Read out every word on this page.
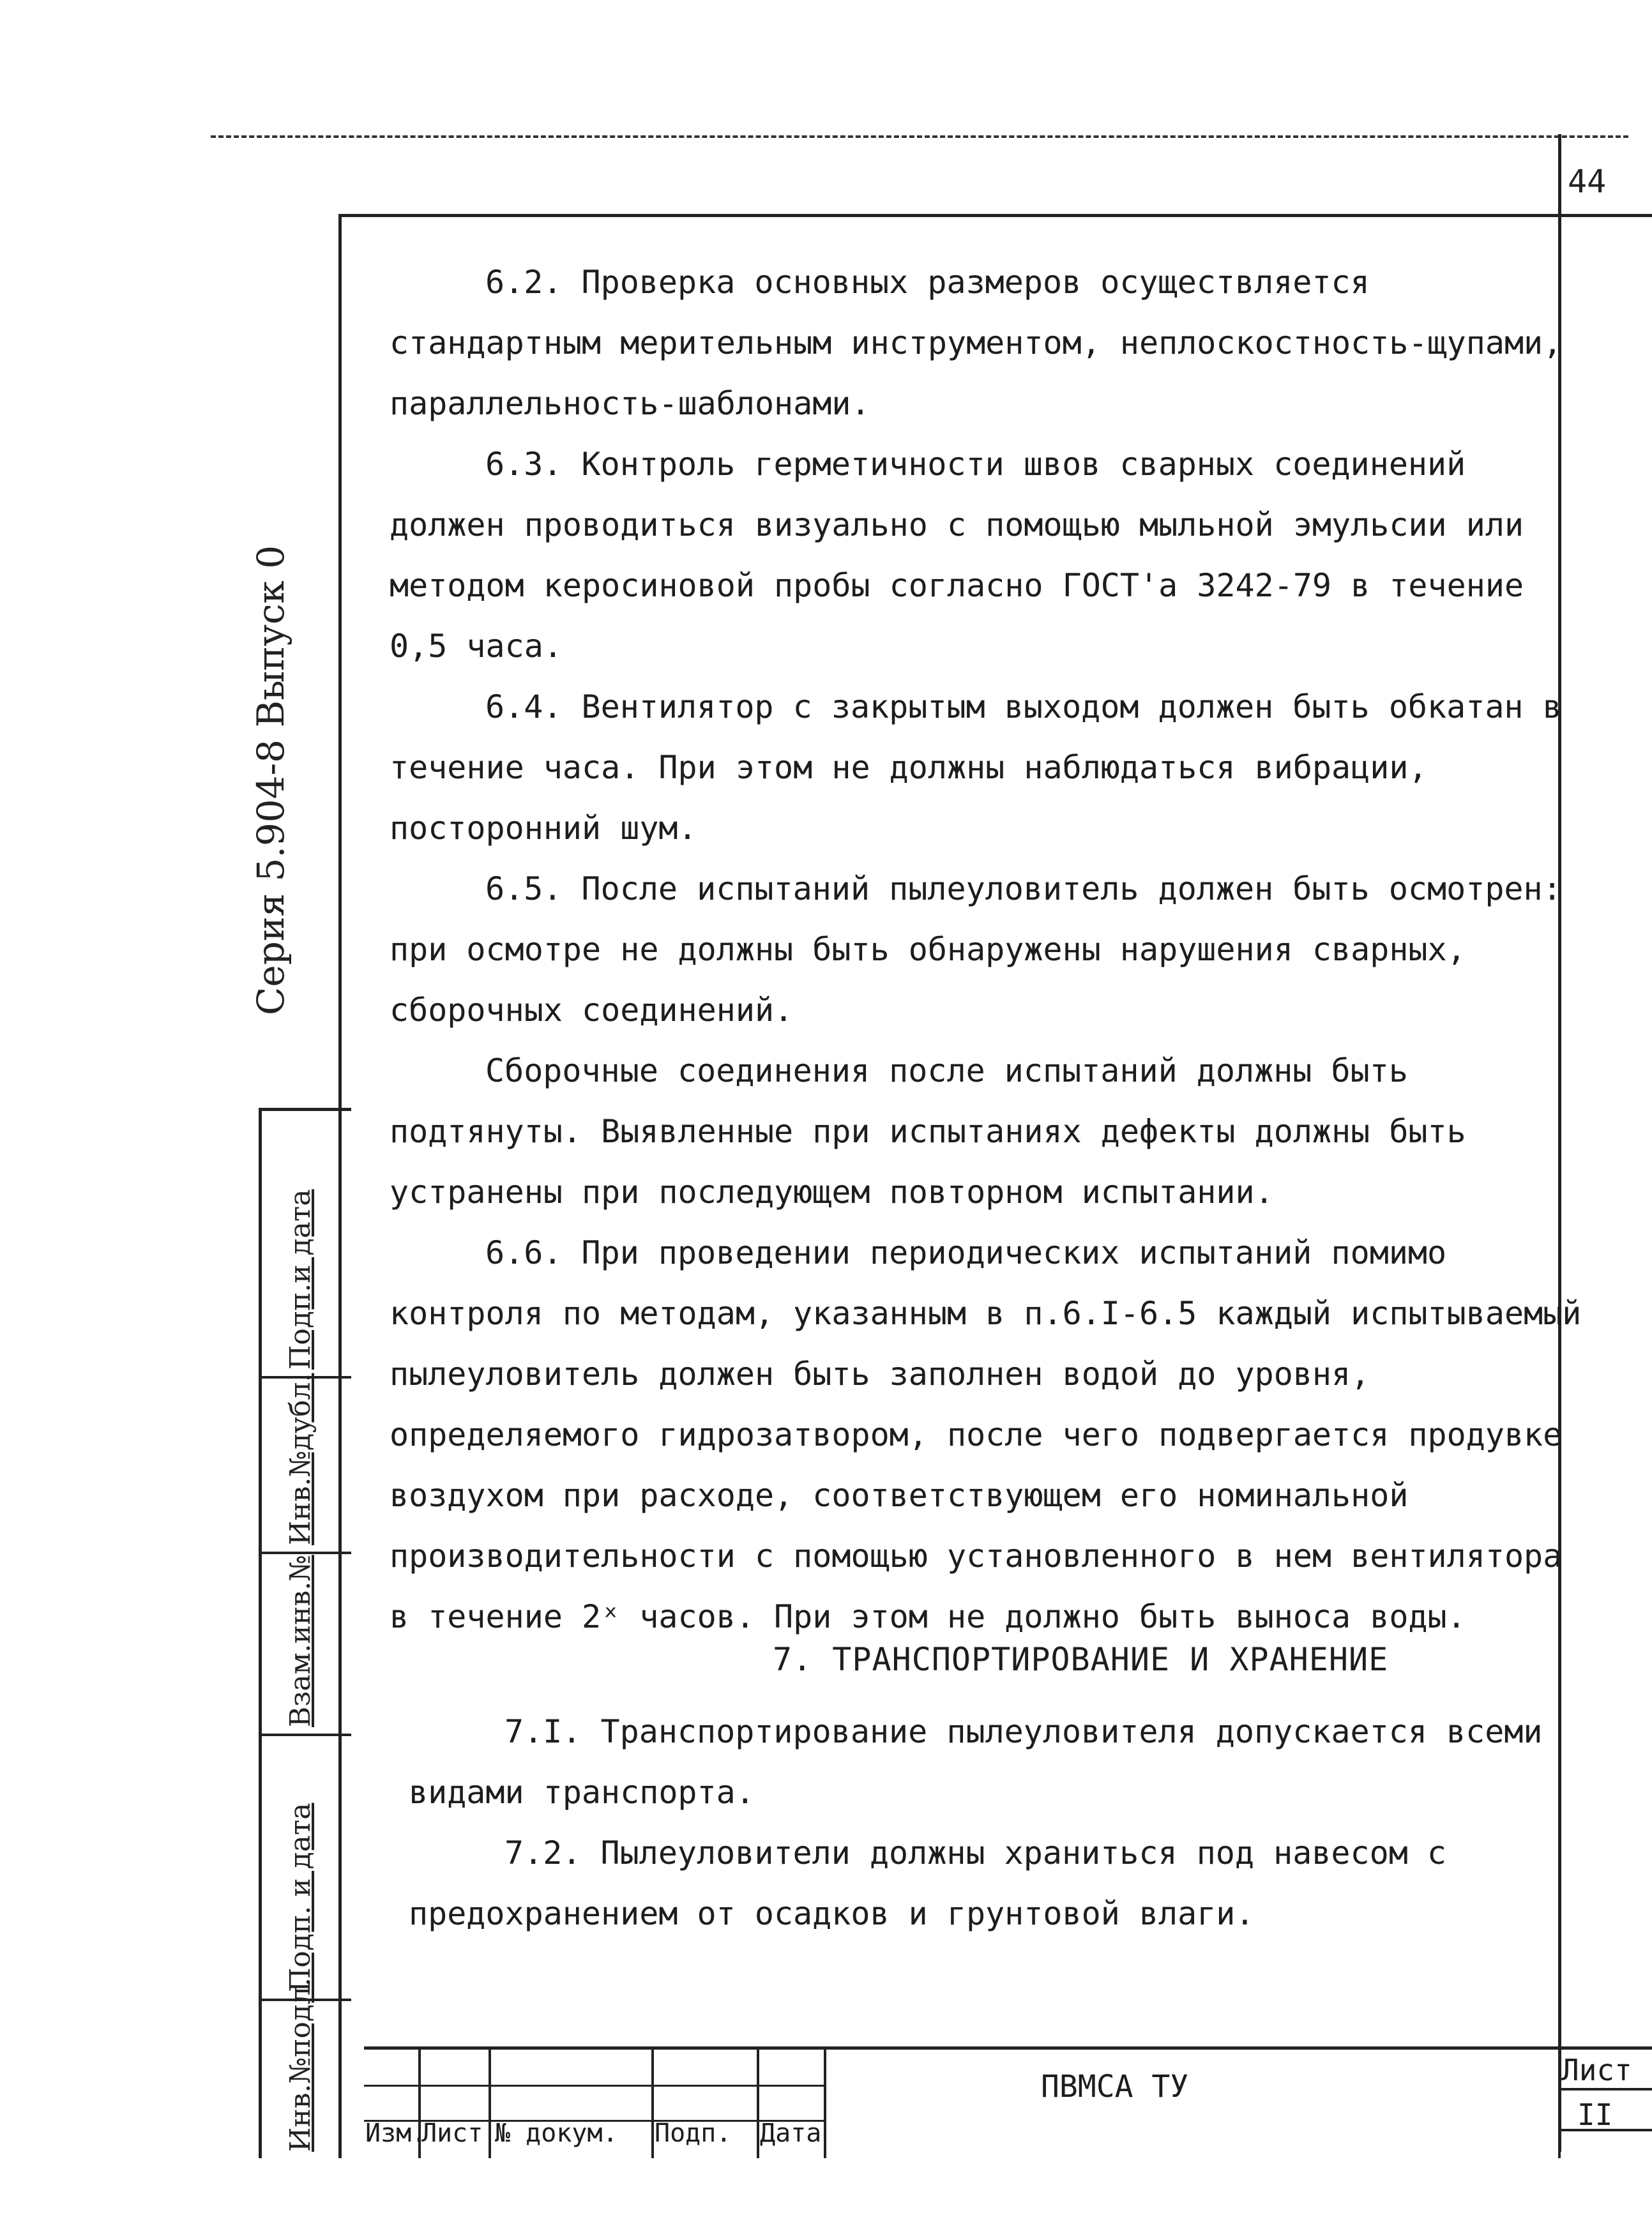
44

6.2. Проверка основных размеров осуществляется стандартным мерительным инструментом, неплоскостность-щупами, параллельность-шаблонами.

6.3. Контроль герметичности швов сварных соединений должен проводиться визуально с помощью мыльной эмульсии или методом керосиновой пробы согласно ГОСТ'а 3242-79 в течение 0,5 часа.

6.4. Вентилятор с закрытым выходом должен быть обкатан в течение часа. При этом не должны наблюдаться вибрации, посторонний шум.

6.5. После испытаний пылеуловитель должен быть осмотрен: при осмотре не должны быть обнаружены нарушения сварных, сборочных соединений.

Сборочные соединения после испытаний должны быть подтянуты. Выявленные при испытаниях дефекты должны быть устранены при последующем повторном испытании.

6.6. При проведении периодических испытаний помимо контроля по методам, указанным в п.6.I-6.5 каждый испытываемый пылеуловитель должен быть заполнен водой до уровня, определяемого гидрозатвором, после чего подвергается продувке воздухом при расходе, соответствующем его номинальной производительности с помощью установленного в нем вентилятора в течение 2ˣ часов. При этом не должно быть выноса воды.

7. ТРАНСПОРТИРОВАНИЕ И ХРАНЕНИЕ

7.I. Транспортирование пылеуловителя допускается всеми видами транспорта.

7.2. Пылеуловители должны храниться под навесом с предохранением от осадков и грунтовой влаги.

Серия 5.904-8 Выпуск 0
Подп.и дата
Инв.№дубл.
Взам.инв.№
Подп. и дата
Инв.№подл. Изм.
Лист № докум. Подп. Дата
ПВМСА ТУ	Лист
II
